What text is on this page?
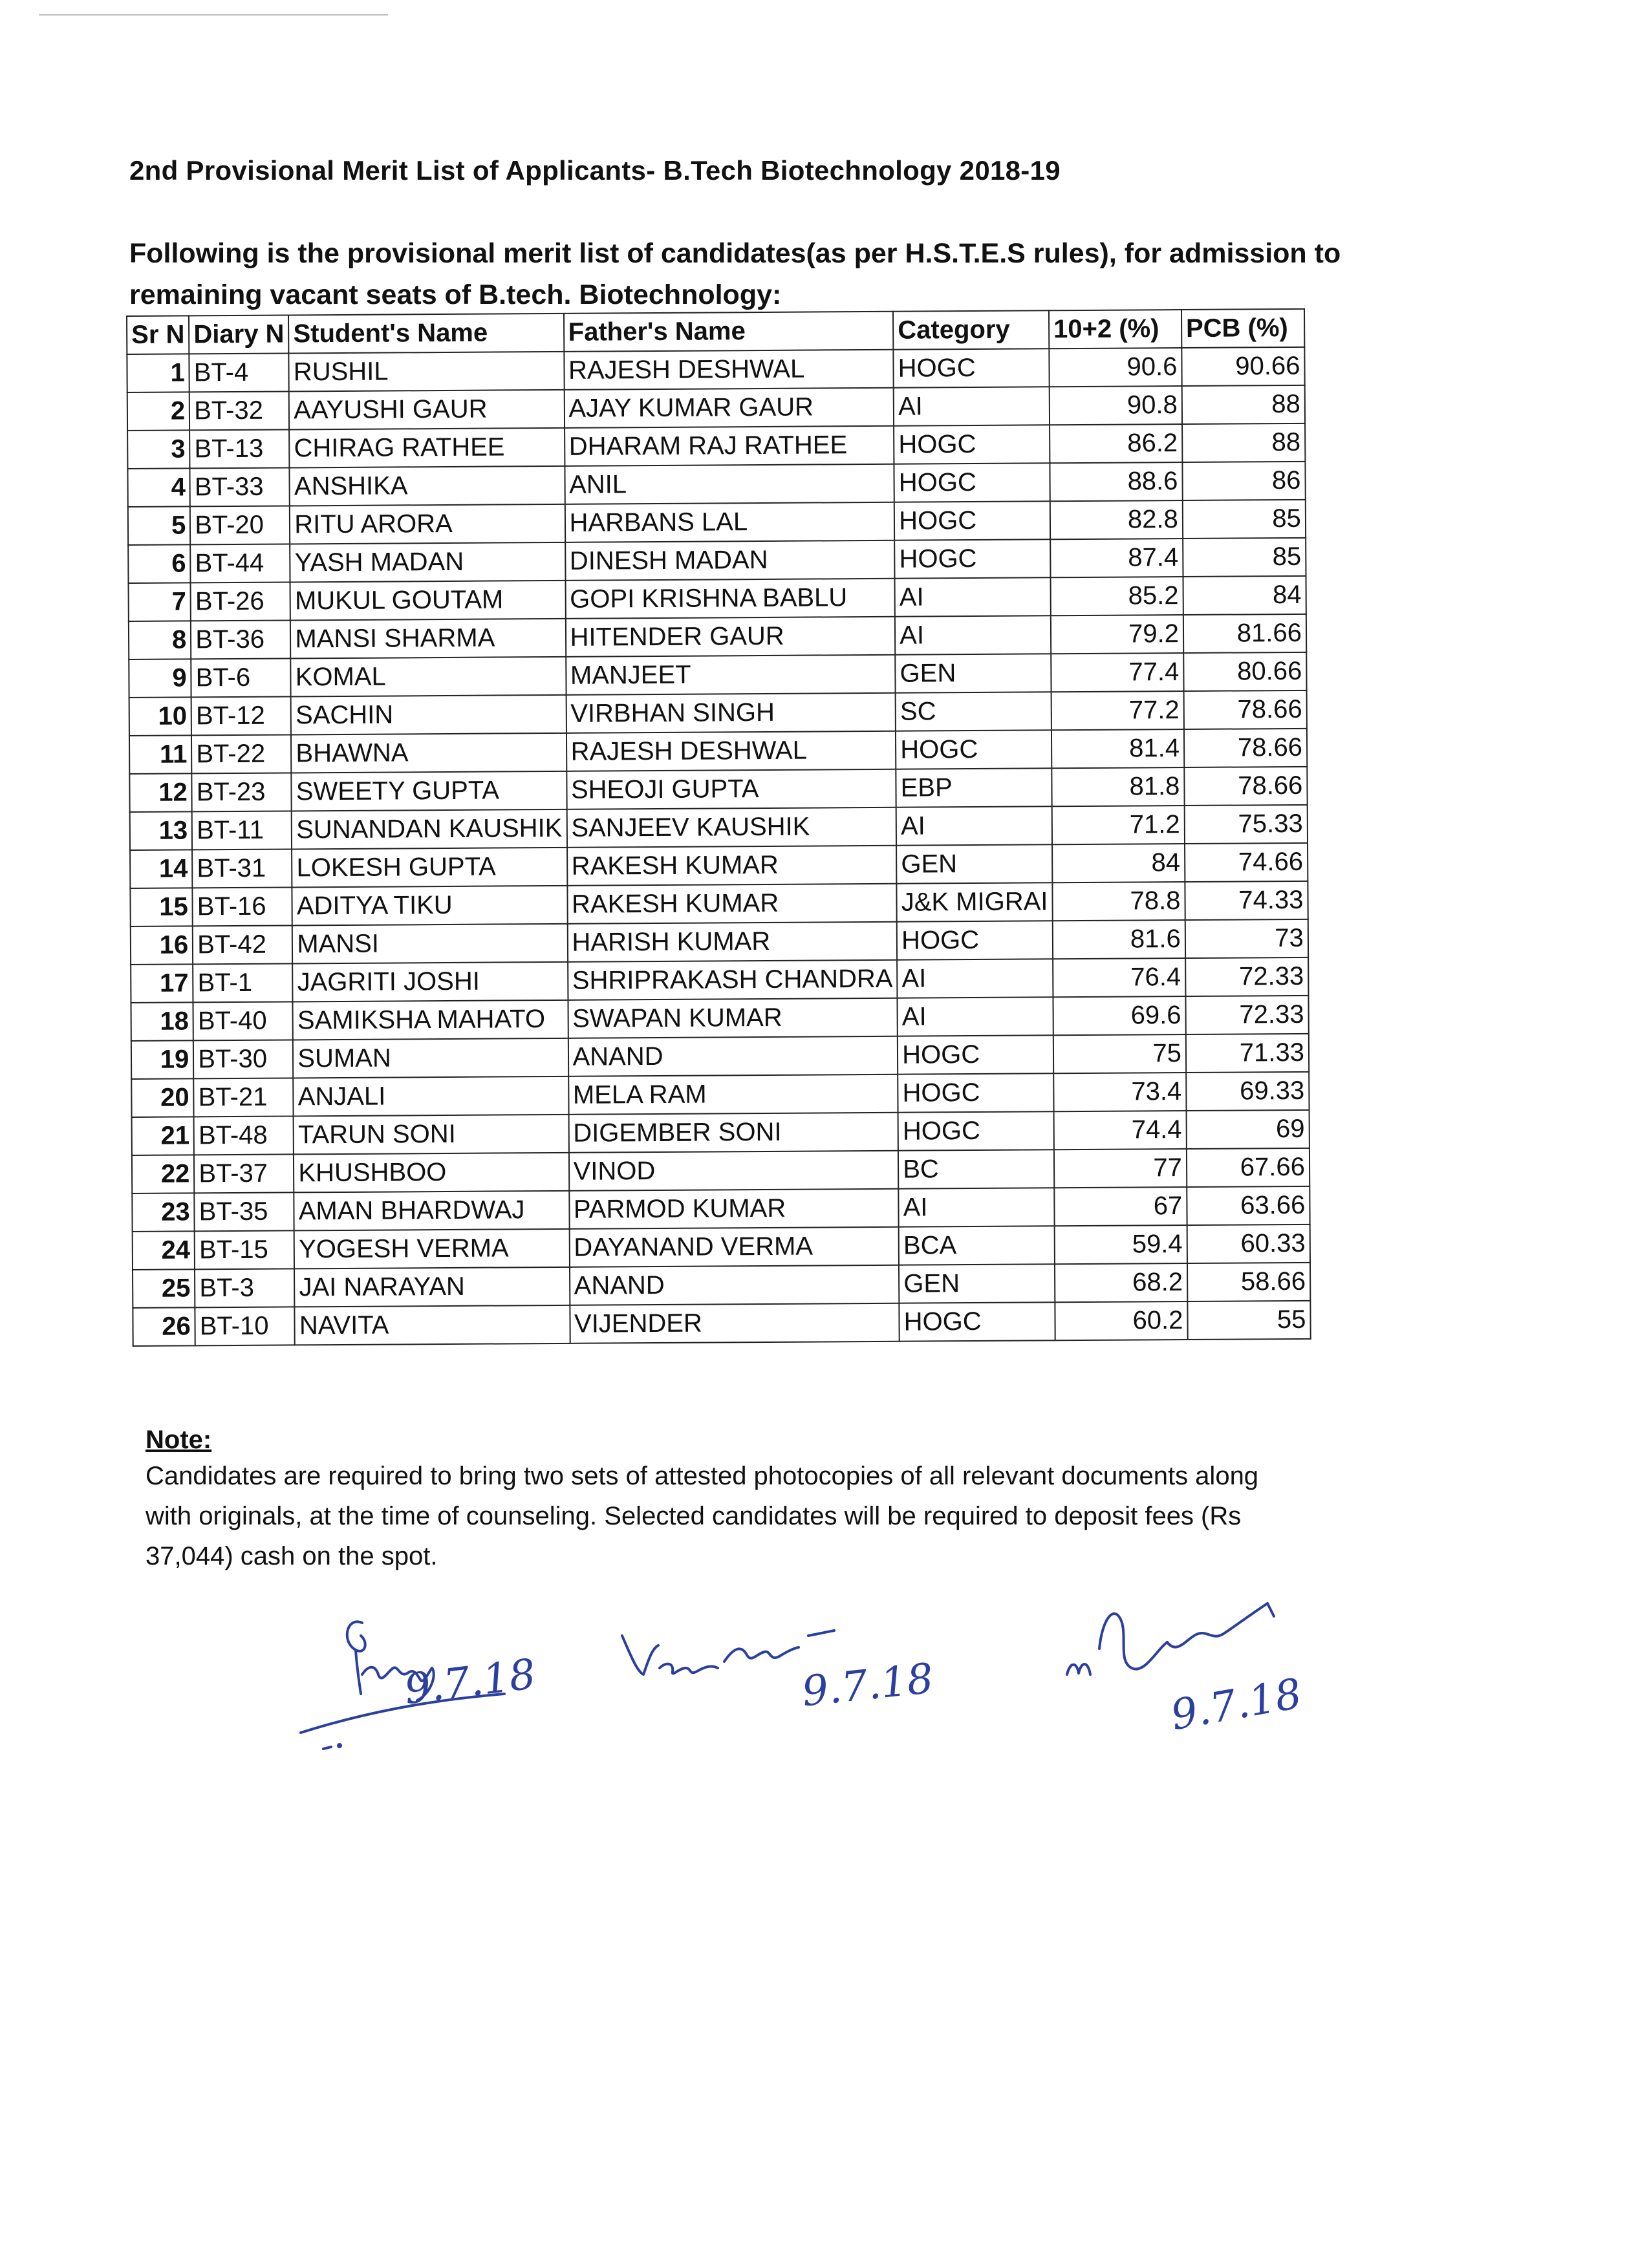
2nd Provisional Merit List of Applicants- B.Tech Biotechnology 2018-19
Following is the provisional merit list of candidates(as per H.S.T.E.S rules), for admission to remaining vacant seats of B.tech. Biotechnology:
Sr N	Diary N	Student's Name	Father's Name	Category	10+2 (%)	PCB (%)
1	BT-4	RUSHIL	RAJESH DESHWAL	HOGC	90.6	90.66
2	BT-32	AAYUSHI GAUR	AJAY KUMAR GAUR	AI	90.8	88
3	BT-13	CHIRAG RATHEE	DHARAM RAJ RATHEE	HOGC	86.2	88
4	BT-33	ANSHIKA	ANIL	HOGC	88.6	86
5	BT-20	RITU ARORA	HARBANS LAL	HOGC	82.8	85
6	BT-44	YASH MADAN	DINESH MADAN	HOGC	87.4	85
7	BT-26	MUKUL GOUTAM	GOPI KRISHNA BABLU	AI	85.2	84
8	BT-36	MANSI SHARMA	HITENDER GAUR	AI	79.2	81.66
9	BT-6	KOMAL	MANJEET	GEN	77.4	80.66
10	BT-12	SACHIN	VIRBHAN SINGH	SC	77.2	78.66
11	BT-22	BHAWNA	RAJESH DESHWAL	HOGC	81.4	78.66
12	BT-23	SWEETY GUPTA	SHEOJI GUPTA	EBP	81.8	78.66
13	BT-11	SUNANDAN KAUSHIK	SANJEEV KAUSHIK	AI	71.2	75.33
14	BT-31	LOKESH GUPTA	RAKESH KUMAR	GEN	84	74.66
15	BT-16	ADITYA TIKU	RAKESH KUMAR	J&K MIGRAI	78.8	74.33
16	BT-42	MANSI	HARISH KUMAR	HOGC	81.6	73
17	BT-1	JAGRITI JOSHI	SHRIPRAKASH CHANDRA	AI	76.4	72.33
18	BT-40	SAMIKSHA MAHATO	SWAPAN KUMAR	AI	69.6	72.33
19	BT-30	SUMAN	ANAND	HOGC	75	71.33
20	BT-21	ANJALI	MELA RAM	HOGC	73.4	69.33
21	BT-48	TARUN SONI	DIGEMBER SONI	HOGC	74.4	69
22	BT-37	KHUSHBOO	VINOD	BC	77	67.66
23	BT-35	AMAN BHARDWAJ	PARMOD KUMAR	AI	67	63.66
24	BT-15	YOGESH VERMA	DAYANAND VERMA	BCA	59.4	60.33
25	BT-3	JAI NARAYAN	ANAND	GEN	68.2	58.66
26	BT-10	NAVITA	VIJENDER	HOGC	60.2	55
Note:
Candidates are required to bring two sets of attested photocopies of all relevant documents along with originals, at the time of counseling. Selected candidates will be required to deposit fees (Rs 37,044) cash on the spot.
9.7.18	9.7.18	9.7.18
